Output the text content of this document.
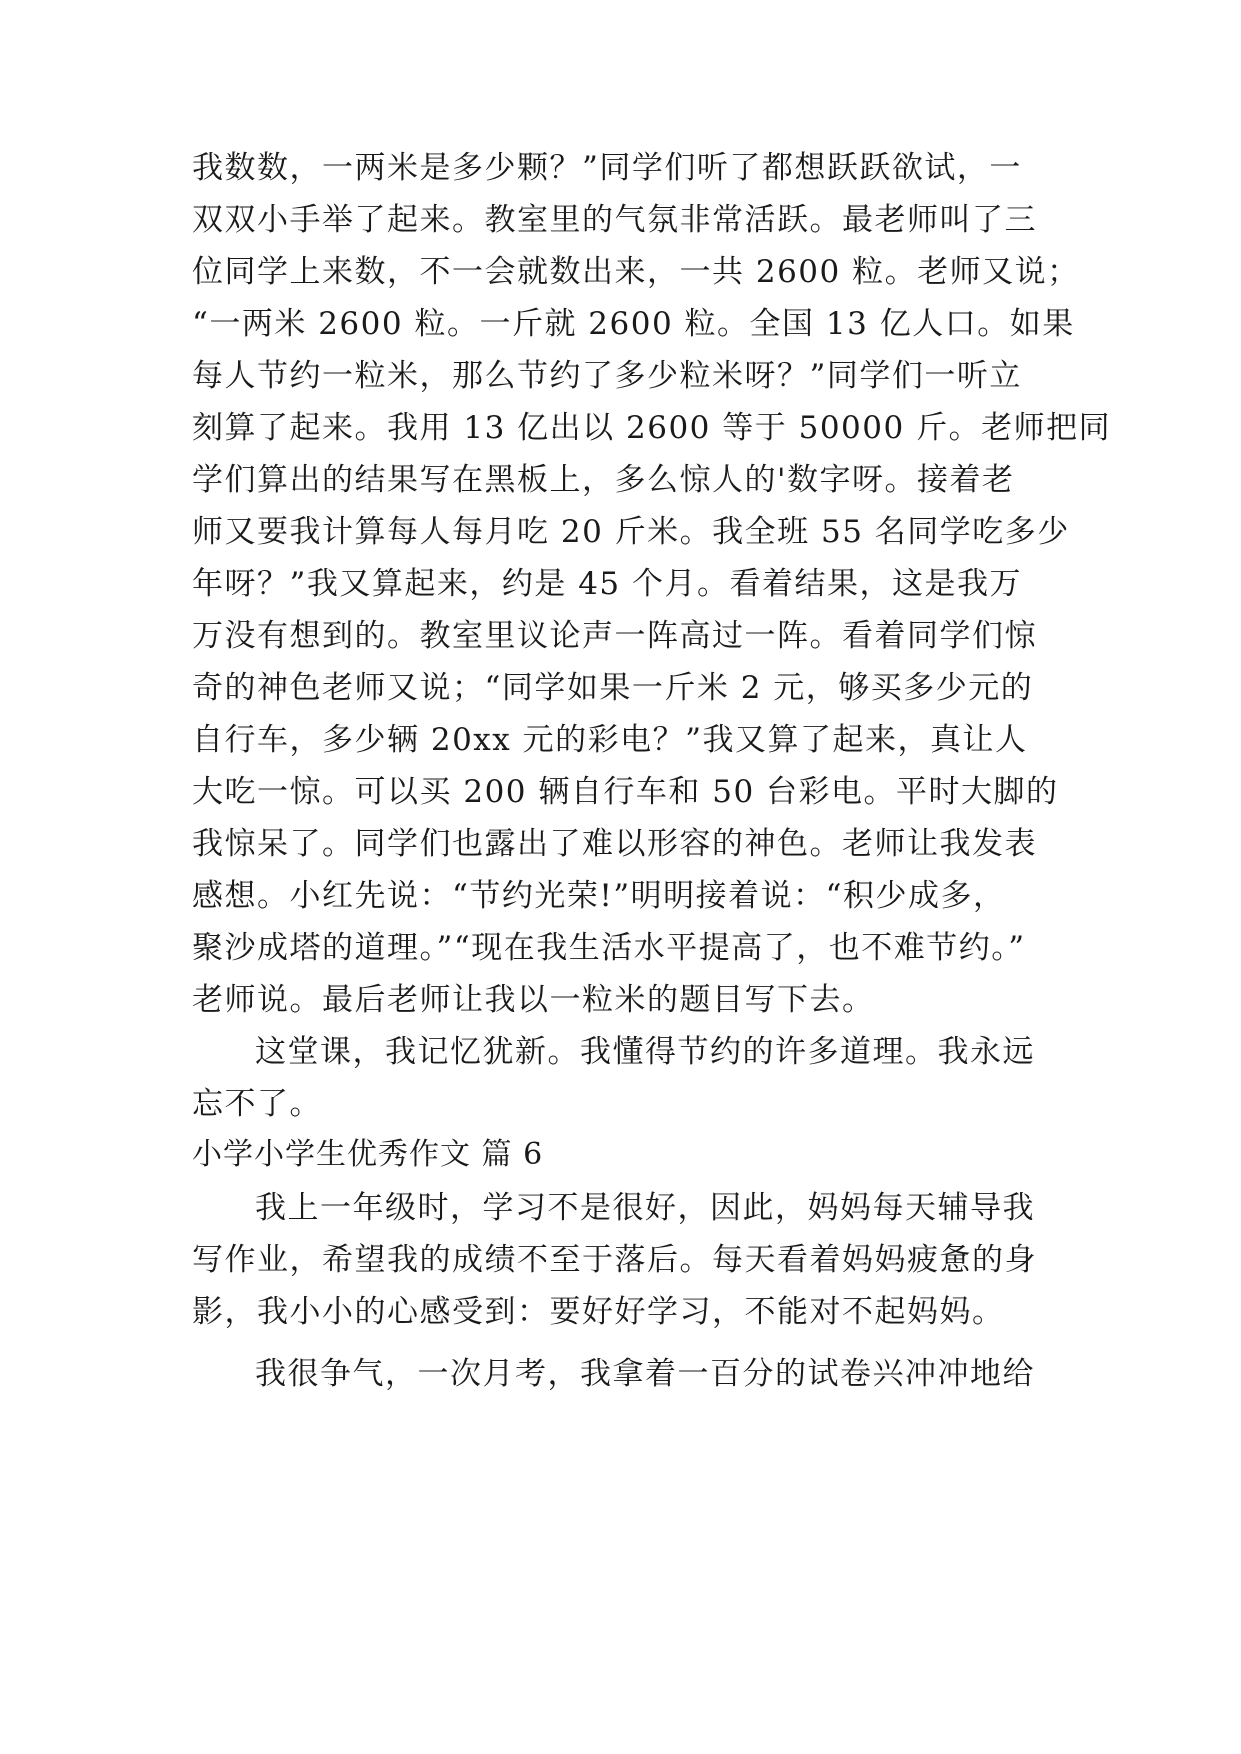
我数数，一两米是多少颗？”同学们听了都想跃跃欲试，一
双双小手举了起来。教室里的气氛非常活跃。最老师叫了三
位同学上来数，不一会就数出来，一共 2600 粒。老师又说；
“一两米 2600 粒。一斤就 2600 粒。全国 13 亿人口。如果
每人节约一粒米，那么节约了多少粒米呀？”同学们一听立
刻算了起来。我用 13 亿出以 2600 等于 50000 斤。老师把同
学们算出的结果写在黑板上，多么惊人的'数字呀。接着老
师又要我计算每人每月吃 20 斤米。我全班 55 名同学吃多少
年呀？”我又算起来，约是 45 个月。看着结果，这是我万
万没有想到的。教室里议论声一阵高过一阵。看着同学们惊
奇的神色老师又说；“同学如果一斤米 2 元，够买多少元的
自行车，多少辆 20xx 元的彩电？”我又算了起来，真让人
大吃一惊。可以买 200 辆自行车和 50 台彩电。平时大脚的
我惊呆了。同学们也露出了难以形容的神色。老师让我发表
感想。小红先说：“节约光荣!”明明接着说：“积少成多，
聚沙成塔的道理。”“现在我生活水平提高了，也不难节约。”
老师说。最后老师让我以一粒米的题目写下去。
这堂课，我记忆犹新。我懂得节约的许多道理。我永远
忘不了。
小学小学生优秀作文 篇 6
我上一年级时，学习不是很好，因此，妈妈每天辅导我
写作业，希望我的成绩不至于落后。每天看着妈妈疲惫的身
影，我小小的心感受到：要好好学习，不能对不起妈妈。
我很争气，一次月考，我拿着一百分的试卷兴冲冲地给
